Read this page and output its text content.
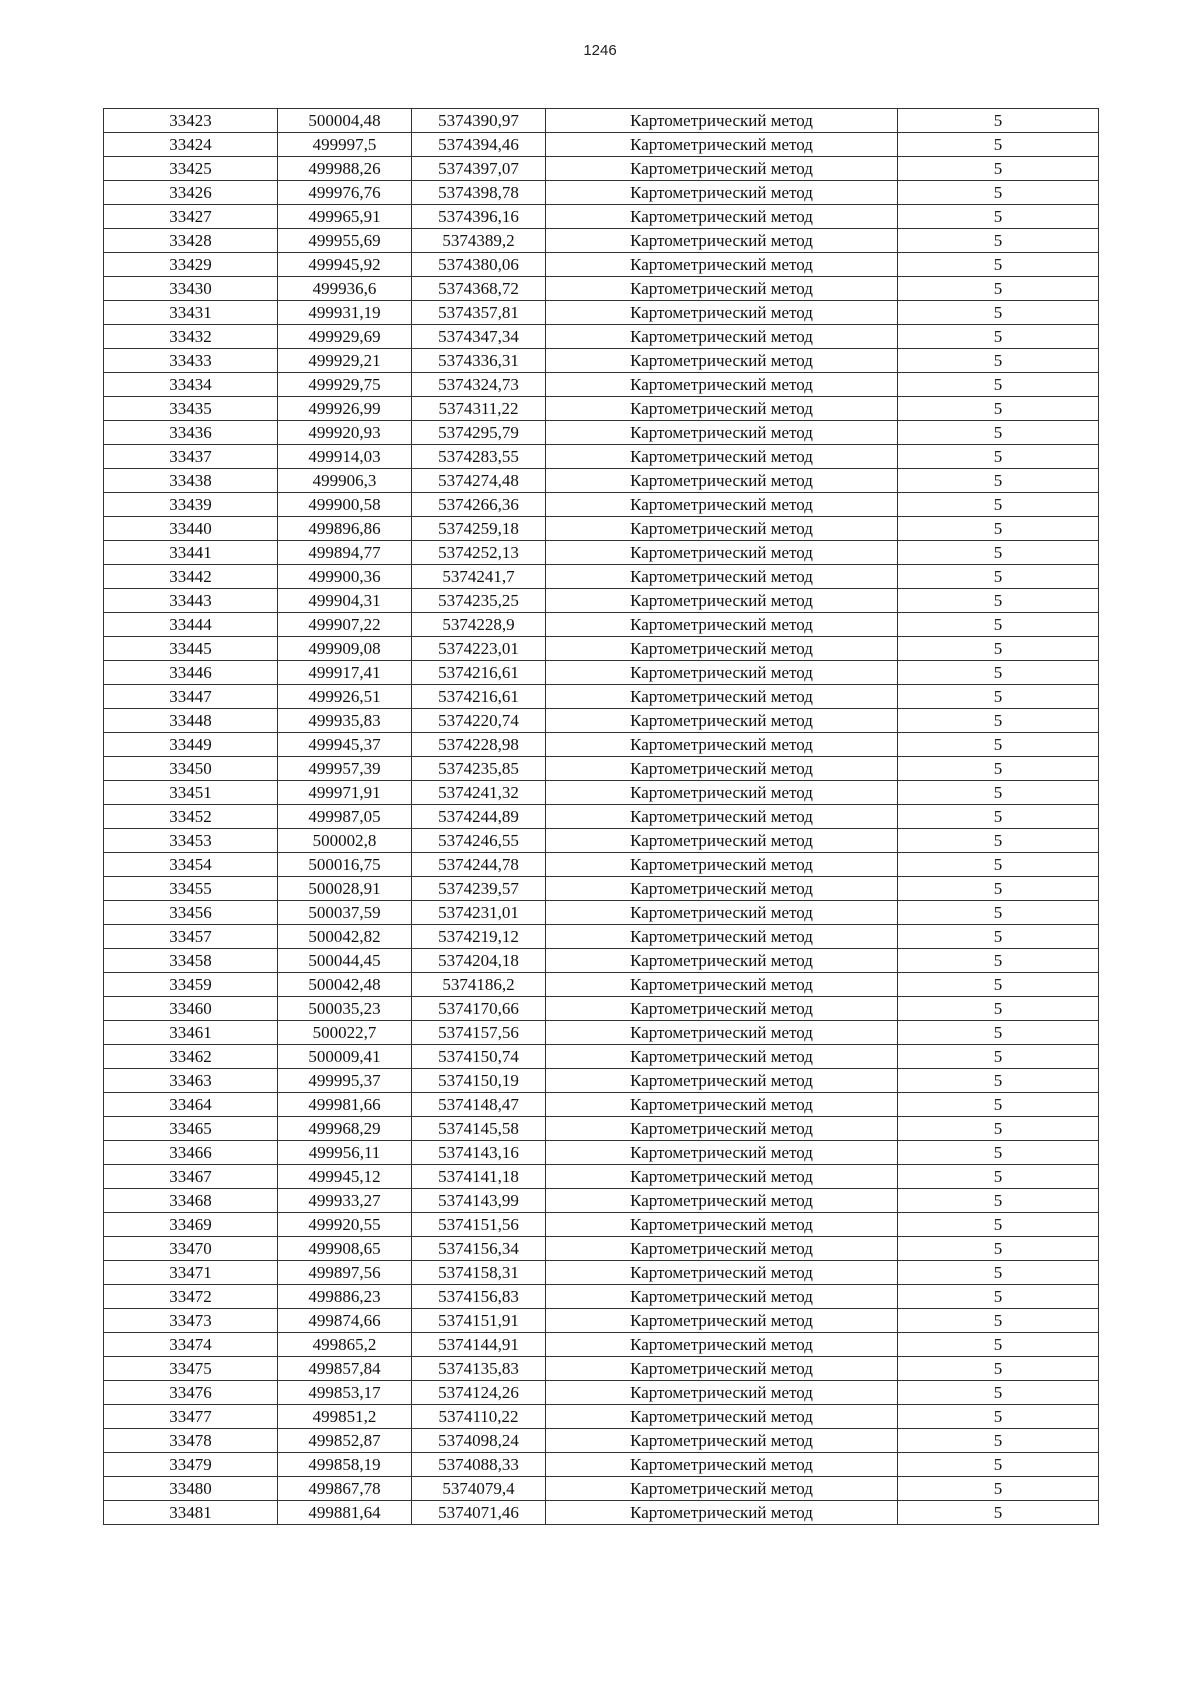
1246
33423	500004,48	5374390,97	Картометрический метод	5
33424	499997,5	5374394,46	Картометрический метод	5
33425	499988,26	5374397,07	Картометрический метод	5
33426	499976,76	5374398,78	Картометрический метод	5
33427	499965,91	5374396,16	Картометрический метод	5
33428	499955,69	5374389,2	Картометрический метод	5
33429	499945,92	5374380,06	Картометрический метод	5
33430	499936,6	5374368,72	Картометрический метод	5
33431	499931,19	5374357,81	Картометрический метод	5
33432	499929,69	5374347,34	Картометрический метод	5
33433	499929,21	5374336,31	Картометрический метод	5
33434	499929,75	5374324,73	Картометрический метод	5
33435	499926,99	5374311,22	Картометрический метод	5
33436	499920,93	5374295,79	Картометрический метод	5
33437	499914,03	5374283,55	Картометрический метод	5
33438	499906,3	5374274,48	Картометрический метод	5
33439	499900,58	5374266,36	Картометрический метод	5
33440	499896,86	5374259,18	Картометрический метод	5
33441	499894,77	5374252,13	Картометрический метод	5
33442	499900,36	5374241,7	Картометрический метод	5
33443	499904,31	5374235,25	Картометрический метод	5
33444	499907,22	5374228,9	Картометрический метод	5
33445	499909,08	5374223,01	Картометрический метод	5
33446	499917,41	5374216,61	Картометрический метод	5
33447	499926,51	5374216,61	Картометрический метод	5
33448	499935,83	5374220,74	Картометрический метод	5
33449	499945,37	5374228,98	Картометрический метод	5
33450	499957,39	5374235,85	Картометрический метод	5
33451	499971,91	5374241,32	Картометрический метод	5
33452	499987,05	5374244,89	Картометрический метод	5
33453	500002,8	5374246,55	Картометрический метод	5
33454	500016,75	5374244,78	Картометрический метод	5
33455	500028,91	5374239,57	Картометрический метод	5
33456	500037,59	5374231,01	Картометрический метод	5
33457	500042,82	5374219,12	Картометрический метод	5
33458	500044,45	5374204,18	Картометрический метод	5
33459	500042,48	5374186,2	Картометрический метод	5
33460	500035,23	5374170,66	Картометрический метод	5
33461	500022,7	5374157,56	Картометрический метод	5
33462	500009,41	5374150,74	Картометрический метод	5
33463	499995,37	5374150,19	Картометрический метод	5
33464	499981,66	5374148,47	Картометрический метод	5
33465	499968,29	5374145,58	Картометрический метод	5
33466	499956,11	5374143,16	Картометрический метод	5
33467	499945,12	5374141,18	Картометрический метод	5
33468	499933,27	5374143,99	Картометрический метод	5
33469	499920,55	5374151,56	Картометрический метод	5
33470	499908,65	5374156,34	Картометрический метод	5
33471	499897,56	5374158,31	Картометрический метод	5
33472	499886,23	5374156,83	Картометрический метод	5
33473	499874,66	5374151,91	Картометрический метод	5
33474	499865,2	5374144,91	Картометрический метод	5
33475	499857,84	5374135,83	Картометрический метод	5
33476	499853,17	5374124,26	Картометрический метод	5
33477	499851,2	5374110,22	Картометрический метод	5
33478	499852,87	5374098,24	Картометрический метод	5
33479	499858,19	5374088,33	Картометрический метод	5
33480	499867,78	5374079,4	Картометрический метод	5
33481	499881,64	5374071,46	Картометрический метод	5
